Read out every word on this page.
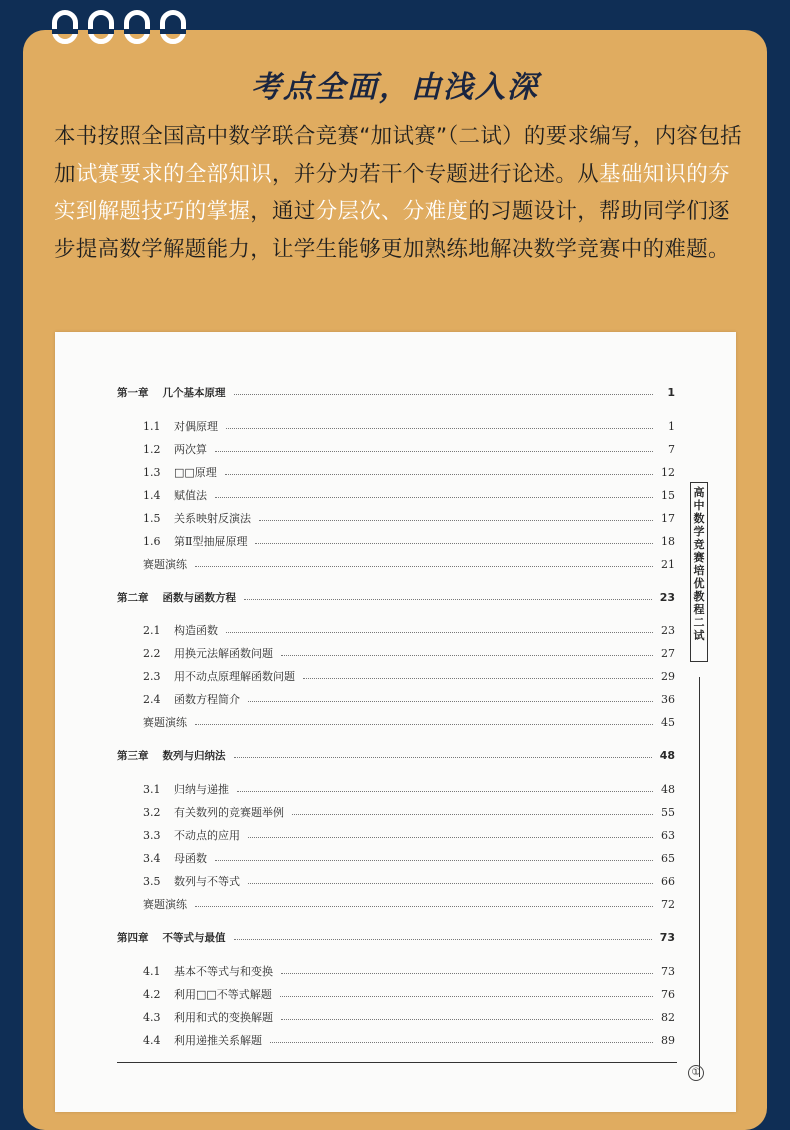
考点全面，由浅入深
本书按照全国高中数学联合竞赛“加试赛”（二试）的要求编写，内容包括加试赛要求的全部知识，并分为若干个专题进行论述。从基础知识的夯实到解题技巧的掌握，通过分层次、分难度的习题设计，帮助同学们逐步提高数学解题能力，让学生能够更加熟练地解决数学竞赛中的难题。
高中数学竞赛培优教程二试
①
第一章 几个基本原理	1
1.1	对偶原理	1
1.2	两次算	7
1.3	□□原理	12
1.4	赋值法	15
1.5	关系映射反演法	17
1.6	第Ⅱ型抽屉原理	18
赛题演练	21
第二章 函数与函数方程	23
2.1	构造函数	23
2.2	用换元法解函数问题	27
2.3	用不动点原理解函数问题	29
2.4	函数方程简介	36
赛题演练	45
第三章 数列与归纳法	48
3.1	归纳与递推	48
3.2	有关数列的竞赛题举例	55
3.3	不动点的应用	63
3.4	母函数	65
3.5	数列与不等式	66
赛题演练	72
第四章 不等式与最值	73
4.1	基本不等式与和变换	73
4.2	利用□□不等式解题	76
4.3	利用和式的变换解题	82
4.4	利用递推关系解题	89
